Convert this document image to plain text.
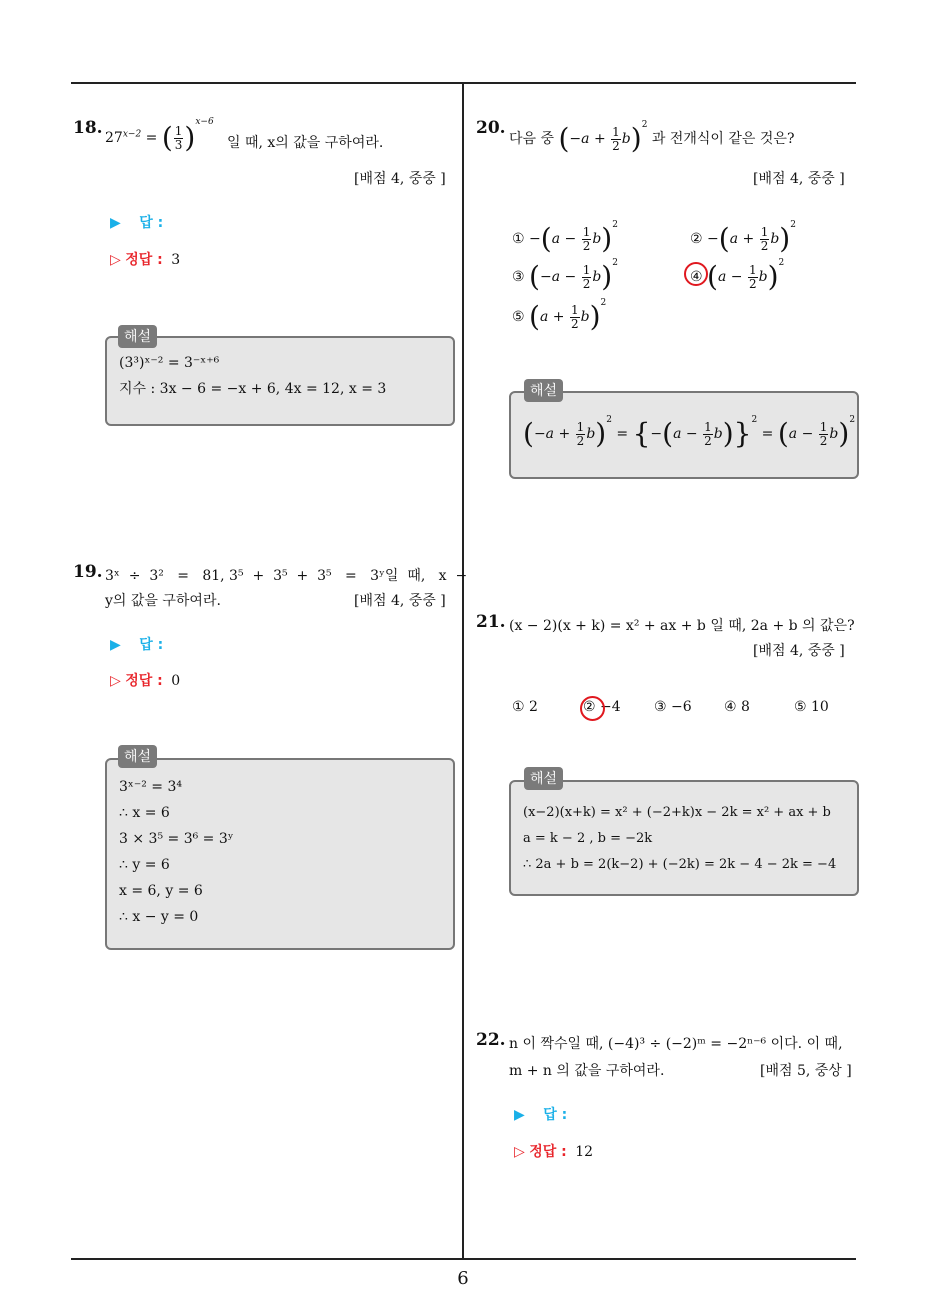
6
18. $27^{x-2}$ = ( $\frac{1}{3} )^{x-6}$
일 때, x의 값을 구하여라.
[배점 4, 중중 ]
▶ 답 :
▷ 정답 : 3
(3³)ˣ⁻² = 3⁻ˣ⁺⁶
지수 : 3x − 6 = −x + 6, 4x = 12, x = 3
해설
19. 3ˣ  ÷  3²   =   81, 3⁵  +  3⁵  +  3⁵   =   3ʸ일  때,   x  −
y의 값을 구하여라.	[배점 4, 중중 ]
▶ 답 :
▷ 정답 : 0
3ˣ⁻² = 3⁴
∴ x = 6
3 × 3⁵ = 3⁶ = 3ʸ
∴ y = 6
x = 6, y = 6
∴ x − y = 0
해설
20.
다음 중 $(-a + \frac{1}{2} b)^2$ 과 전개식이 같은 것은?
[배점 4, 중중 ]
① $-(a - \frac{1}{2} b)^2$
② $-(a + \frac{1}{2} b)^2$
③ $(-a - \frac{1}{2} b)^2$
④ $(a - \frac{1}{2} b)^2$
⑤ $(a + \frac{1}{2} b)^2$
$(-a + \frac{1}{2} b)^2 = \{-(a - \frac{1}{2} b)\}^2 = (a - \frac{1}{2} b)^2$
해설
21. (x − 2)(x + k) = x² + ax + b 일 때, 2a + b 의 값은?
[배점 4, 중중 ]
① 2	② −4 ③ −6 ④ 8	⑤ 10
(x−2)(x+k) = x² + (−2+k)x − 2k = x² + ax + b
a = k − 2 , b = −2k
∴ 2a + b = 2(k−2) + (−2k) = 2k − 4 − 2k = −4
해설
22. n 이 짝수일 때, (−4)³ ÷ (−2)ᵐ = −2ⁿ⁻⁶ 이다. 이 때,
m + n 의 값을 구하여라.	[배점 5, 중상 ]
▶ 답 :
▷ 정답 : 12
